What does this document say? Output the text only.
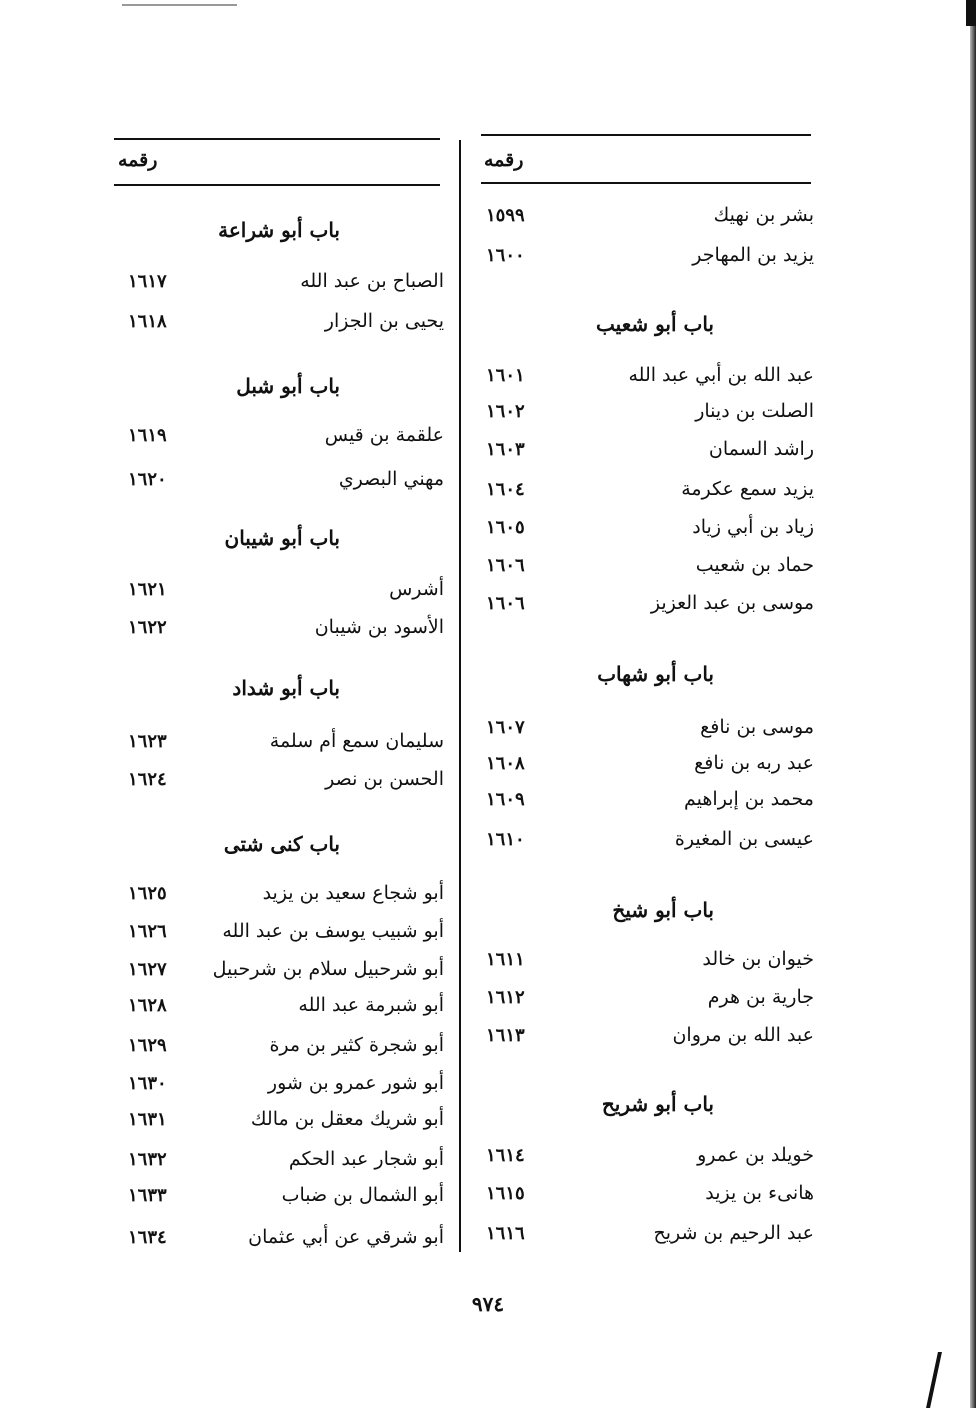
رقمه
رقمه
بشر بن نهيك
١٥٩٩
يزيد بن المهاجر
١٦٠٠
باب أبو شعيب
عبد الله بن أبي عبد الله
١٦٠١
الصلت بن دينار
١٦٠٢
راشد السمان
١٦٠٣
يزيد سمع عكرمة
١٦٠٤
زياد بن أبي زياد
١٦٠٥
حماد بن شعيب
١٦٠٦
موسى بن عبد العزيز
١٦٠٦
باب أبو شهاب
موسى بن نافع
١٦٠٧
عبد ربه بن نافع
١٦٠٨
محمد بن إبراهيم
١٦٠٩
عيسى بن المغيرة
١٦١٠
باب أبو شيخ
خيوان بن خالد
١٦١١
جارية بن هرم
١٦١٢
عبد الله بن مروان
١٦١٣
باب أبو شريح
خويلد بن عمرو
١٦١٤
هانىء بن يزيد
١٦١٥
عبد الرحيم بن شريح
١٦١٦
باب أبو شراعة
الصباح بن عبد الله
١٦١٧
يحيى بن الجزار
١٦١٨
باب أبو شبل
علقمة بن قيس
١٦١٩
مهني البصري
١٦٢٠
باب أبو شيبان
أشرس
١٦٢١
الأسود بن شيبان
١٦٢٢
باب أبو شداد
سليمان سمع أم سلمة
١٦٢٣
الحسن بن نصر
١٦٢٤
باب كنى شتى
أبو شجاع سعيد بن يزيد
١٦٢٥
أبو شبيب يوسف بن عبد الله
١٦٢٦
أبو شرحبيل سلام بن شرحبيل
١٦٢٧
أبو شبرمة عبد الله
١٦٢٨
أبو شجرة كثير بن مرة
١٦٢٩
أبو شور عمرو بن شور
١٦٣٠
أبو شريك معقل بن مالك
١٦٣١
أبو شجار عبد الحكم
١٦٣٢
أبو الشمال بن ضباب
١٦٣٣
أبو شرقي عن أبي عثمان
١٦٣٤
٩٧٤
